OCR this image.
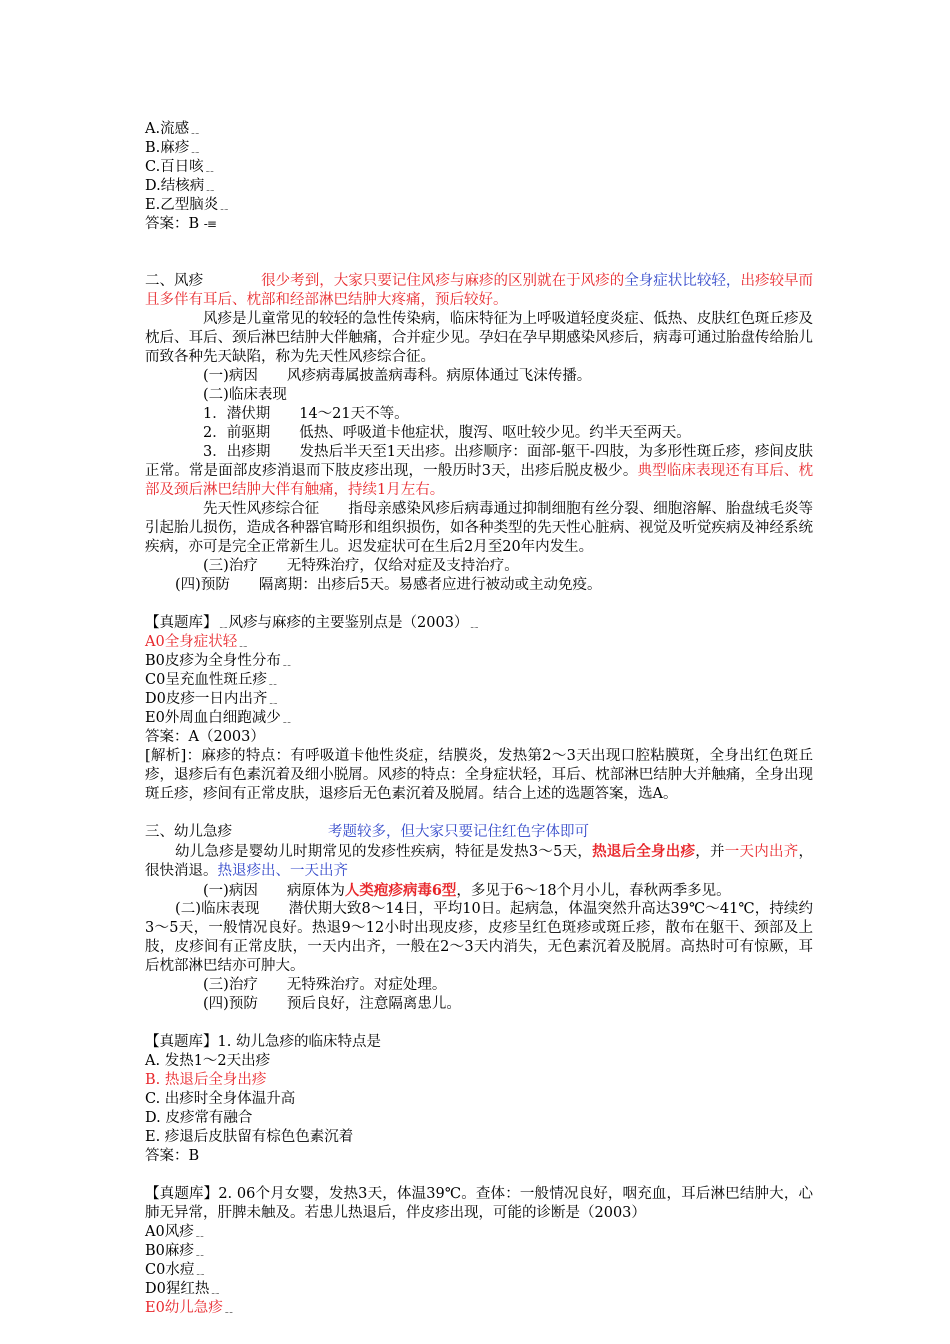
A.流感﹎
B.麻疹﹎
C.百日咳﹎
D.结核病﹎
E.乙型脑炎﹎
答案：B -≡
二、风疹	很少考到，大家只要记住风疹与麻疹的区别就在于风疹的全身症状比较轻，出疹较早而且多伴有耳后、枕部和经部淋巴结肿大疼痛，预后较好。
风疹是儿童常见的较轻的急性传染病，临床特征为上呼吸道轻度炎症、低热、皮肤红色斑丘疹及枕后、耳后、颈后淋巴结肿大伴触痛，合并症少见。孕妇在孕早期感染风疹后，病毒可通过胎盘传给胎儿而致各种先天缺陷，称为先天性风疹综合征。
(一)病因　　风疹病毒属披盖病毒科。病原体通过飞沫传播。
(二)临床表现
1．潜伏期　　14～21天不等。
2．前驱期　　低热、呼吸道卡他症状，腹泻、呕吐较少见。约半天至两天。
3．出疹期　　发热后半天至1天出疹。出疹顺序：面部-躯干-四肢，为多形性斑丘疹，疹间皮肤正常。常是面部皮疹消退而下肢皮疹出现，一般历时3天，出疹后脱皮极少。典型临床表现还有耳后、枕部及颈后淋巴结肿大伴有触痛，持续1月左右。
先天性风疹综合征　　指母亲感染风疹后病毒通过抑制细胞有丝分裂、细胞溶解、胎盘绒毛炎等引起胎儿损伤，造成各种器官畸形和组织损伤，如各种类型的先天性心脏病、视觉及听觉疾病及神经系统疾病，亦可是完全正常新生儿。迟发症状可在生后2月至20年内发生。
(三)治疗　　无特殊治疗，仅给对症及支持治疗。
(四)预防　　隔离期：出疹后5天。易感者应进行被动或主动免疫。
【真题库】﹎风疹与麻疹的主要鉴别点是（2003）﹎
A0全身症状轻﹎
B0皮疹为全身性分布﹎
C0呈充血性斑丘疹﹎
D0皮疹一日内出齐﹎
E0外周血白细跑减少﹎
答案：A（2003）
[解析]：麻疹的特点：有呼吸道卡他性炎症，结膜炎，发热第2～3天出现口腔粘膜斑，全身出红色斑丘疹，退疹后有色素沉着及细小脱屑。风疹的特点：全身症状轻，耳后、枕部淋巴结肿大并触痛，全身出现斑丘疹，疹间有正常皮肤，退疹后无色素沉着及脱屑。结合上述的选题答案，选A。
三、幼儿急疹	考题较多，但大家只要记住红色字体即可
幼儿急疹是婴幼儿时期常见的发疹性疾病，特征是发热3～5天，热退后全身出疹，并一天内出齐，很快消退。热退疹出、一天出齐
(一)病因　　病原体为人类疱疹病毒6型，多见于6～18个月小儿，春秋两季多见。
(二)临床表现　　潜伏期大致8～14日，平均10日。起病急，体温突然升高达39℃～41℃，持续约3～5天，一般情况良好。热退9～12小时出现皮疹，皮疹呈红色斑疹或斑丘疹，散布在躯干、颈部及上肢，皮疹间有正常皮肤，一天内出齐，一般在2～3天内消失，无色素沉着及脱屑。高热时可有惊厥，耳后枕部淋巴结亦可肿大。
(三)治疗　　无特殊治疗。对症处理。
(四)预防　　预后良好，注意隔离患儿。
【真题库】1. 幼儿急疹的临床特点是
A. 发热1～2天出疹
B. 热退后全身出疹
C. 出疹时全身体温升高
D. 皮疹常有融合
E. 疹退后皮肤留有棕色色素沉着
答案：B
【真题库】2. 06个月女婴，发热3天，体温39℃。查体：一般情况良好，咽充血，耳后淋巴结肿大，心肺无异常，肝脾未触及。若患儿热退后，伴皮疹出现，可能的诊断是（2003）
A0风疹﹎
B0麻疹﹎
C0水痘﹎
D0猩红热﹎
E0幼儿急疹﹎
